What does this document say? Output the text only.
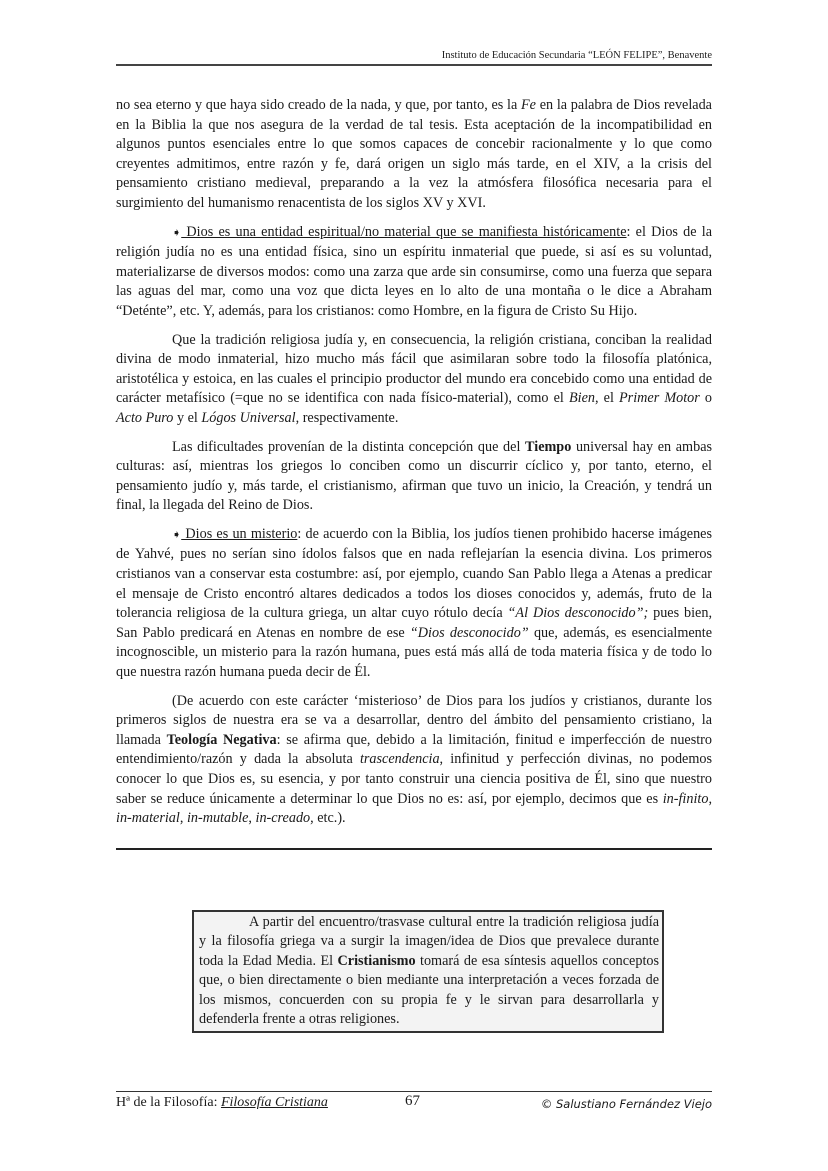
Instituto de Educación Secundaria “LEÓN FELIPE”, Benavente

no sea eterno y que haya sido creado de la nada, y que, por tanto, es la Fe en la palabra de Dios revelada en la Biblia la que nos asegura de la verdad de tal tesis. Esta aceptación de la incompatibilidad en algunos puntos esenciales entre lo que somos capaces de concebir racionalmente y lo que como creyentes admitimos, entre razón y fe, dará origen un siglo más tarde, en el XIV, a la crisis del pensamiento cristiano medieval, preparando a la vez la atmósfera filosófica necesaria para el surgimiento del humanismo renacentista de los siglos XV y XVI.

➧ Dios es una entidad espiritual/no material que se manifiesta históricamente: el Dios de la religión judía no es una entidad física, sino un espíritu inmaterial que puede, si así es su voluntad, materializarse de diversos modos: como una zarza que arde sin consumirse, como una fuerza que separa las aguas del mar, como una voz que dicta leyes en lo alto de una montaña o le dice a Abraham “Deténte”, etc. Y, además, para los cristianos: como Hombre, en la figura de Cristo Su Hijo.

Que la tradición religiosa judía y, en consecuencia, la religión cristiana, conciban la realidad divina de modo inmaterial, hizo mucho más fácil que asimilaran sobre todo la filosofía platónica, aristotélica y estoica, en las cuales el principio productor del mundo era concebido como una entidad de carácter metafísico (=que no se identifica con nada físico-material), como el Bien, el Primer Motor o Acto Puro y el Lógos Universal, respectivamente.

Las dificultades provenían de la distinta concepción que del Tiempo universal hay en ambas culturas: así, mientras los griegos lo conciben como un discurrir cíclico y, por tanto, eterno, el pensamiento judío y, más tarde, el cristianismo, afirman que tuvo un inicio, la Creación, y tendrá un final, la llegada del Reino de Dios.

➧ Dios es un misterio: de acuerdo con la Biblia, los judíos tienen prohibido hacerse imágenes de Yahvé, pues no serían sino ídolos falsos que en nada reflejarían la esencia divina. Los primeros cristianos van a conservar esta costumbre: así, por ejemplo, cuando San Pablo llega a Atenas a predicar el mensaje de Cristo encontró altares dedicados a todos los dioses conocidos y, además, fruto de la tolerancia religiosa de la cultura griega, un altar cuyo rótulo decía “Al Dios desconocido”; pues bien, San Pablo predicará en Atenas en nombre de ese “Dios desconocido” que, además, es esencialmente incognoscible, un misterio para la razón humana, pues está más allá de toda materia física y de todo lo que nuestra razón humana pueda decir de Él.

(De acuerdo con este carácter ‘misterioso’ de Dios para los judíos y cristianos, durante los primeros siglos de nuestra era se va a desarrollar, dentro del ámbito del pensamiento cristiano, la llamada Teología Negativa: se afirma que, debido a la limitación, finitud e imperfección de nuestro entendimiento/razón y dada la absoluta trascendencia, infinitud y perfección divinas, no podemos conocer lo que Dios es, su esencia, y por tanto construir una ciencia positiva de Él, sino que nuestro saber se reduce únicamente a determinar lo que Dios no es: así, por ejemplo, decimos que es in-finito, in-material, in-mutable, in-creado, etc.).

A partir del encuentro/trasvase cultural entre la tradición religiosa judía y la filosofía griega va a surgir la imagen/idea de Dios que prevalece durante toda la Edad Media. El Cristianismo tomará de esa síntesis aquellos conceptos que, o bien directamente o bien mediante una interpretación a veces forzada de los mismos, concuerden con su propia fe y le sirvan para desarrollarla y defenderla frente a otras religiones.
Hª de la Filosofía: Filosofía Cristiana	67	© Salustiano Fernández Viejo
